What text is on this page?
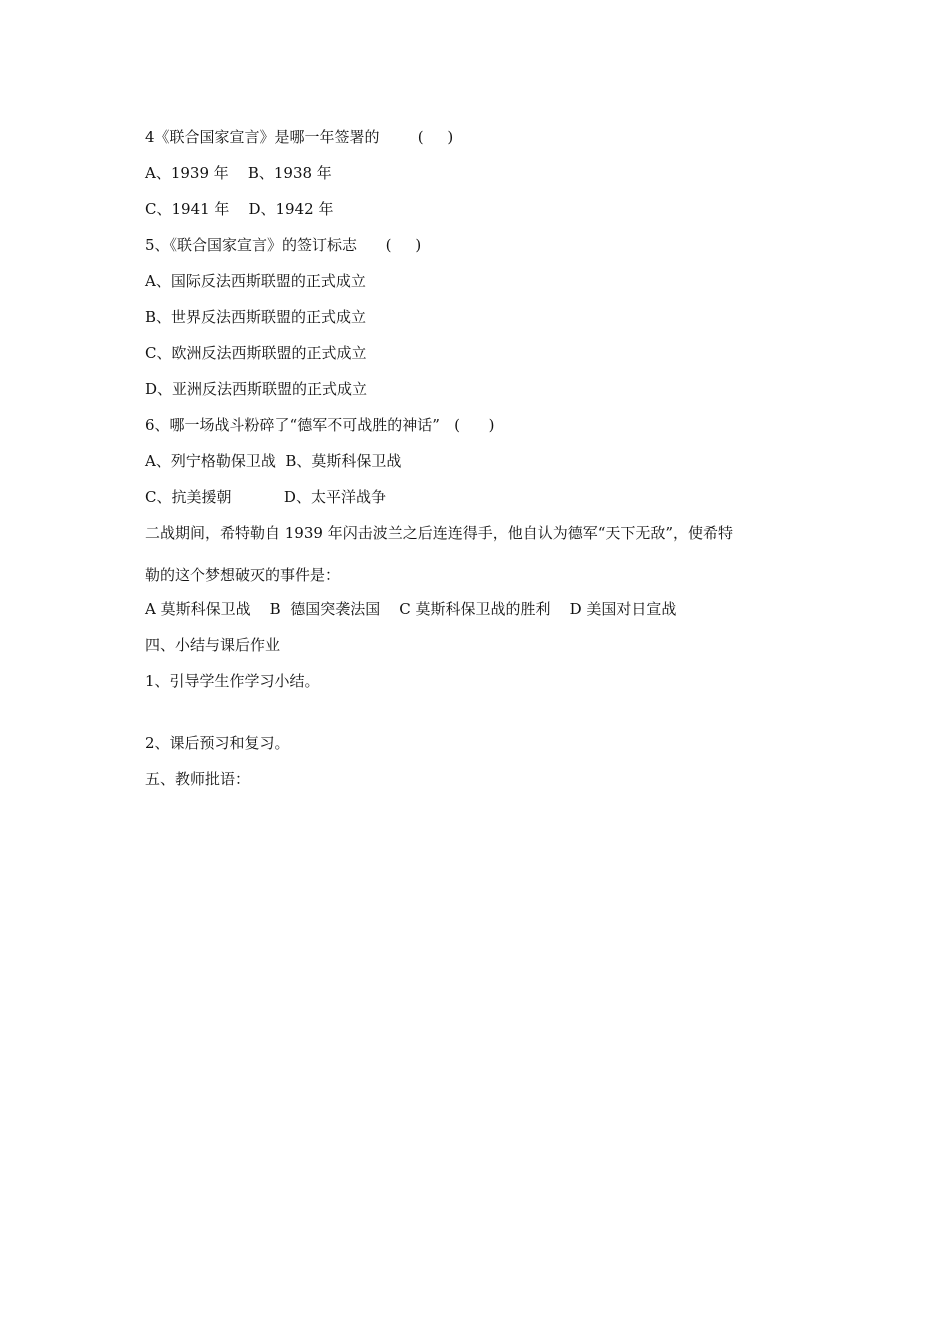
4《联合国家宣言》是哪一年签署的        (     )
A、1939 年    B、1938 年
C、1941 年    D、1942 年
5、《联合国家宣言》的签订标志      (     )
A、国际反法西斯联盟的正式成立
B、世界反法西斯联盟的正式成立
C、欧洲反法西斯联盟的正式成立
D、亚洲反法西斯联盟的正式成立
6、哪一场战斗粉碎了“德军不可战胜的神话”   (      )
A、列宁格勒保卫战  B、莫斯科保卫战
C、抗美援朝           D、太平洋战争
二战期间，希特勒自 1939 年闪击波兰之后连连得手，他自认为德军“天下无敌”，使希特
勒的这个梦想破灭的事件是：
A 莫斯科保卫战    B  德国突袭法国    C 莫斯科保卫战的胜利    D 美国对日宣战
四、小结与课后作业
1、引导学生作学习小结。
2、课后预习和复习。
五、教师批语：
